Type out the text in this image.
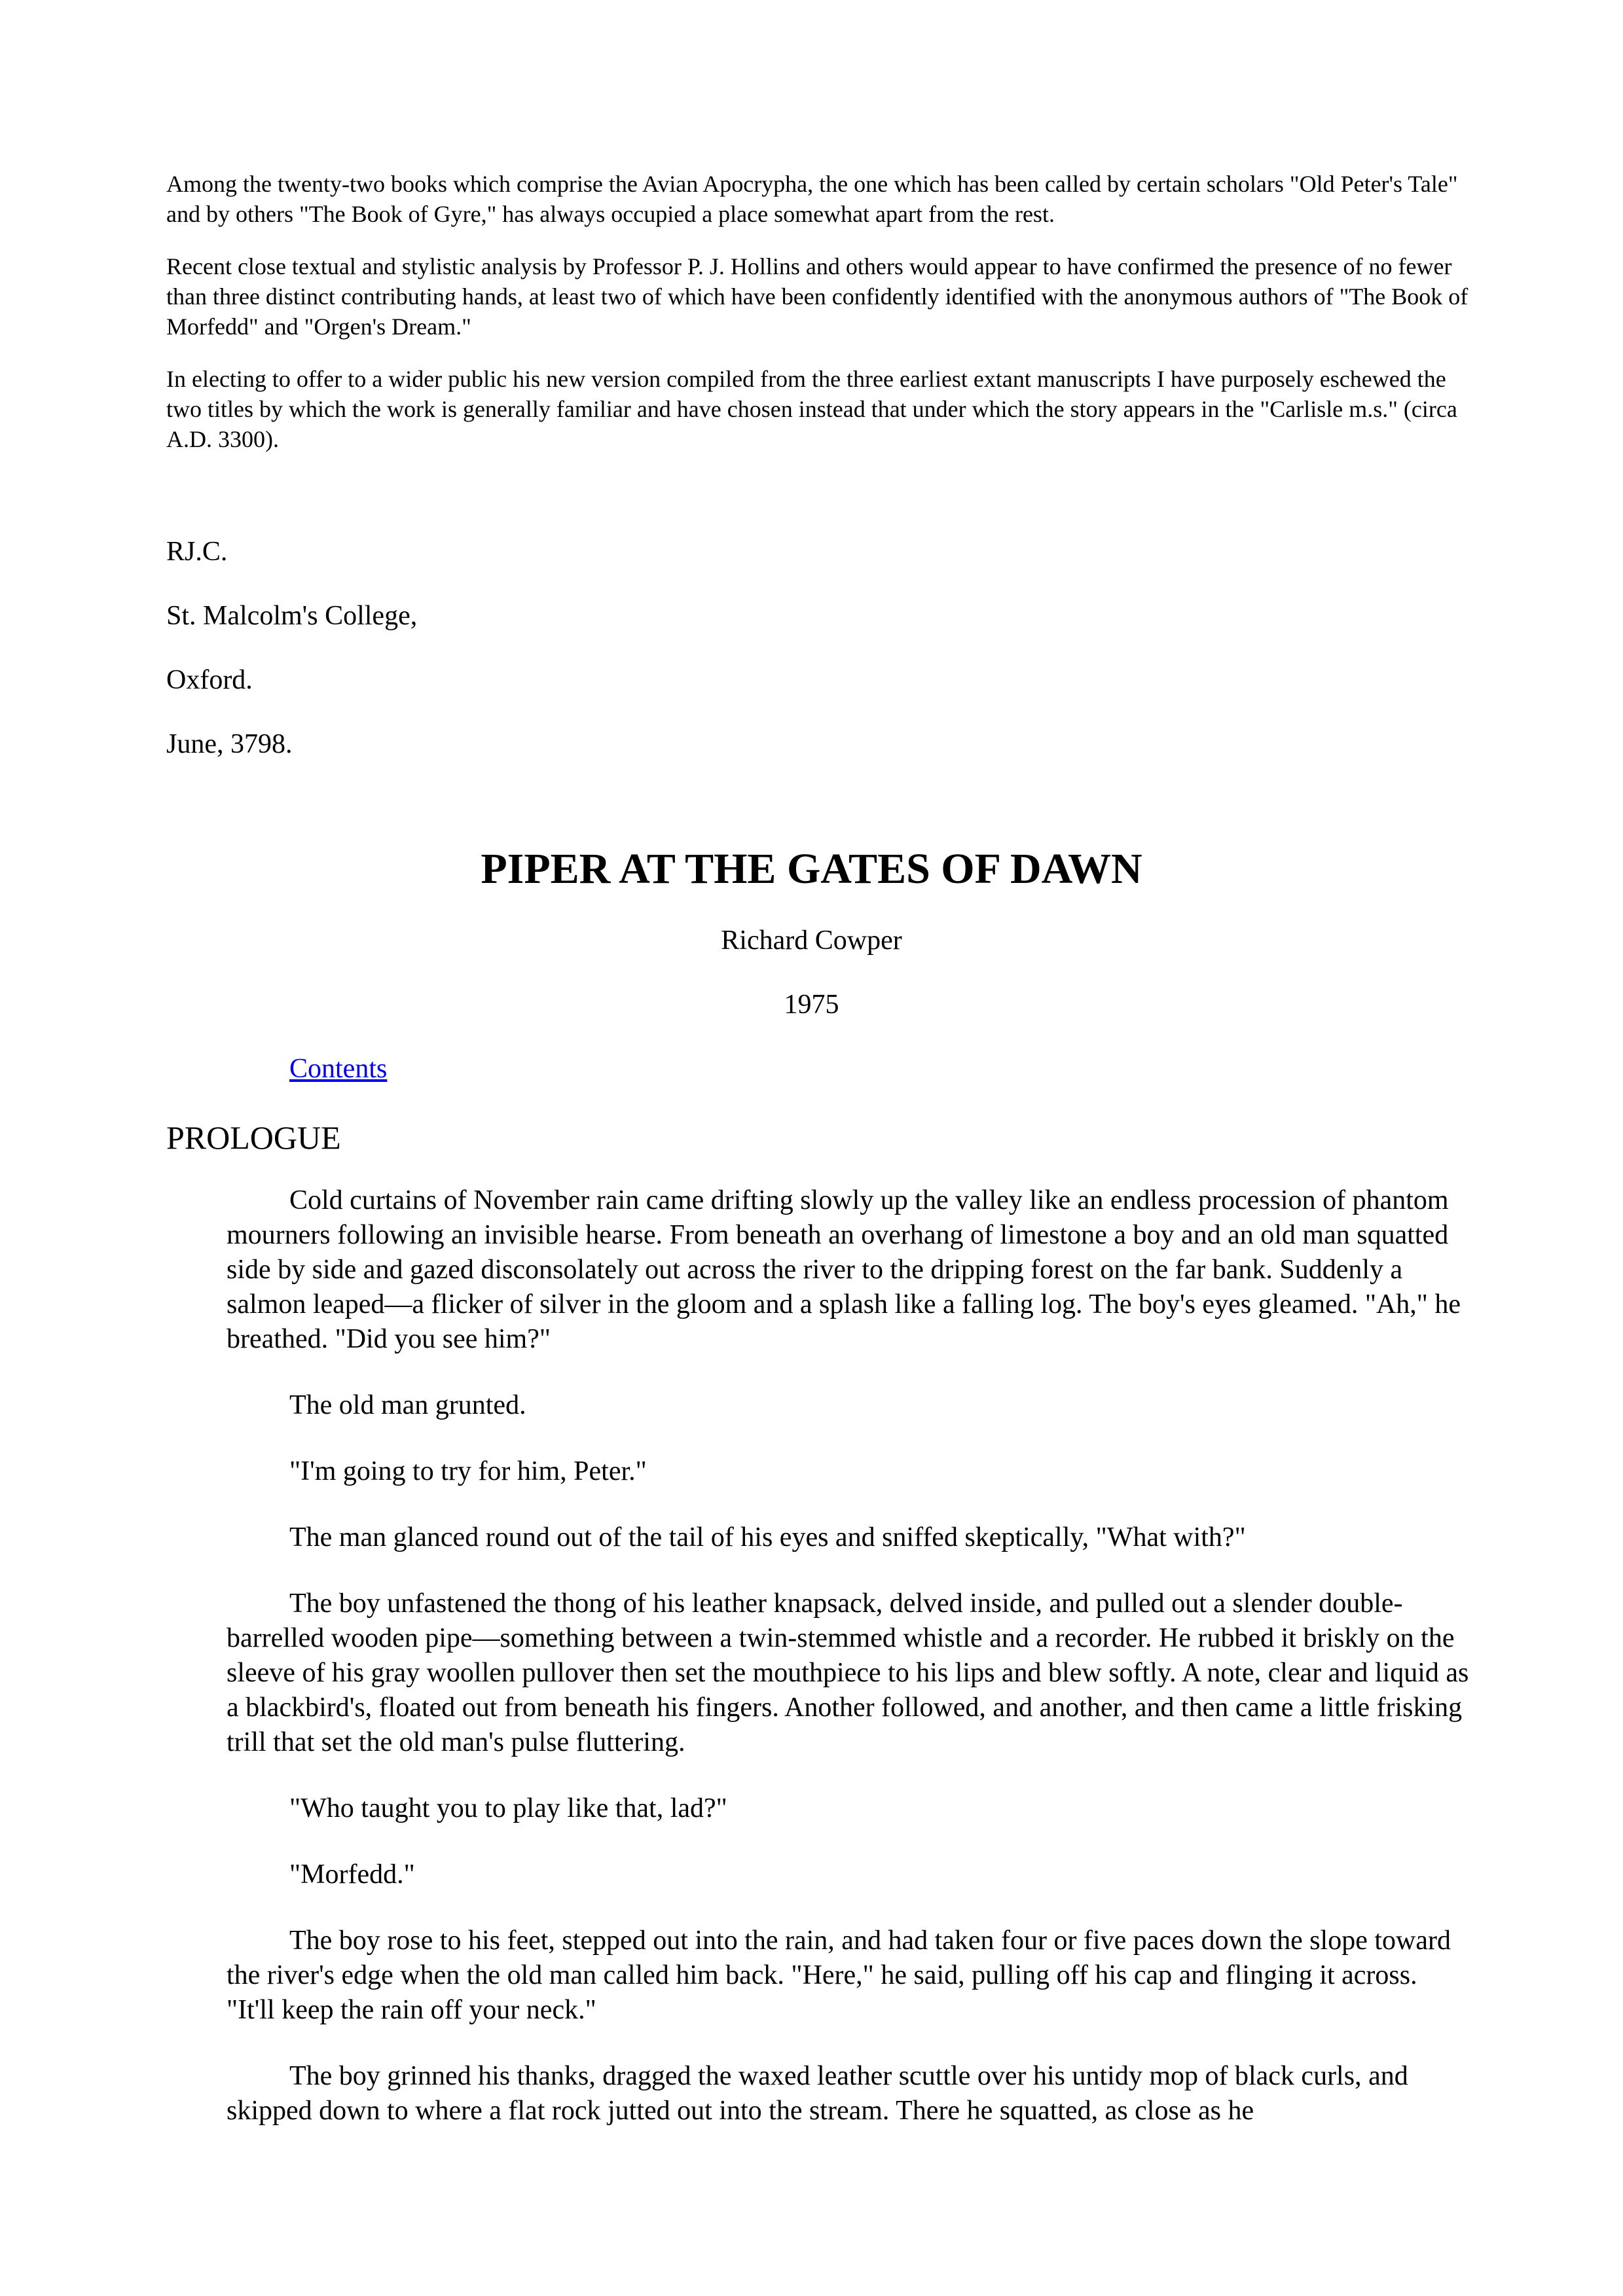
Among the twenty-two books which comprise the Avian Apocrypha, the one which has been called by certain scholars "Old Peter's Tale" and by others "The Book of Gyre," has always occupied a place somewhat apart from the rest.

Recent close textual and stylistic analysis by Professor P. J. Hollins and others would appear to have confirmed the presence of no fewer than three distinct contributing hands, at least two of which have been confidently identified with the anonymous authors of "The Book of Morfedd" and "Orgen's Dream."

In electing to offer to a wider public his new version compiled from the three earliest extant manuscripts I have purposely eschewed the two titles by which the work is generally familiar and have chosen instead that under which the story appears in the "Carlisle m.s." (circa A.D. 3300).

RJ.C.

St. Malcolm's College,

Oxford.

June, 3798.

PIPER AT THE GATES OF DAWN

Richard Cowper

1975

Contents
PROLOGUE

Cold curtains of November rain came drifting slowly up the valley like an endless procession of phantom mourners following an invisible hearse. From beneath an overhang of limestone a boy and an old man squatted side by side and gazed disconsolately out across the river to the dripping forest on the far bank. Suddenly a salmon leaped—a flicker of silver in the gloom and a splash like a falling log. The boy's eyes gleamed. "Ah," he breathed. "Did you see him?"

The old man grunted.

"I'm going to try for him, Peter."

The man glanced round out of the tail of his eyes and sniffed skeptically, "What with?"

The boy unfastened the thong of his leather knapsack, delved inside, and pulled out a slender double-barrelled wooden pipe—something between a twin-stemmed whistle and a recorder. He rubbed it briskly on the sleeve of his gray woollen pullover then set the mouthpiece to his lips and blew softly. A note, clear and liquid as a blackbird's, floated out from beneath his fingers. Another followed, and another, and then came a little frisking trill that set the old man's pulse fluttering.

"Who taught you to play like that, lad?"

"Morfedd."

The boy rose to his feet, stepped out into the rain, and had taken four or five paces down the slope toward the river's edge when the old man called him back. "Here," he said, pulling off his cap and flinging it across. "It'll keep the rain off your neck."

The boy grinned his thanks, dragged the waxed leather scuttle over his untidy mop of black curls, and skipped down to where a flat rock jutted out into the stream. There he squatted, as close as he
